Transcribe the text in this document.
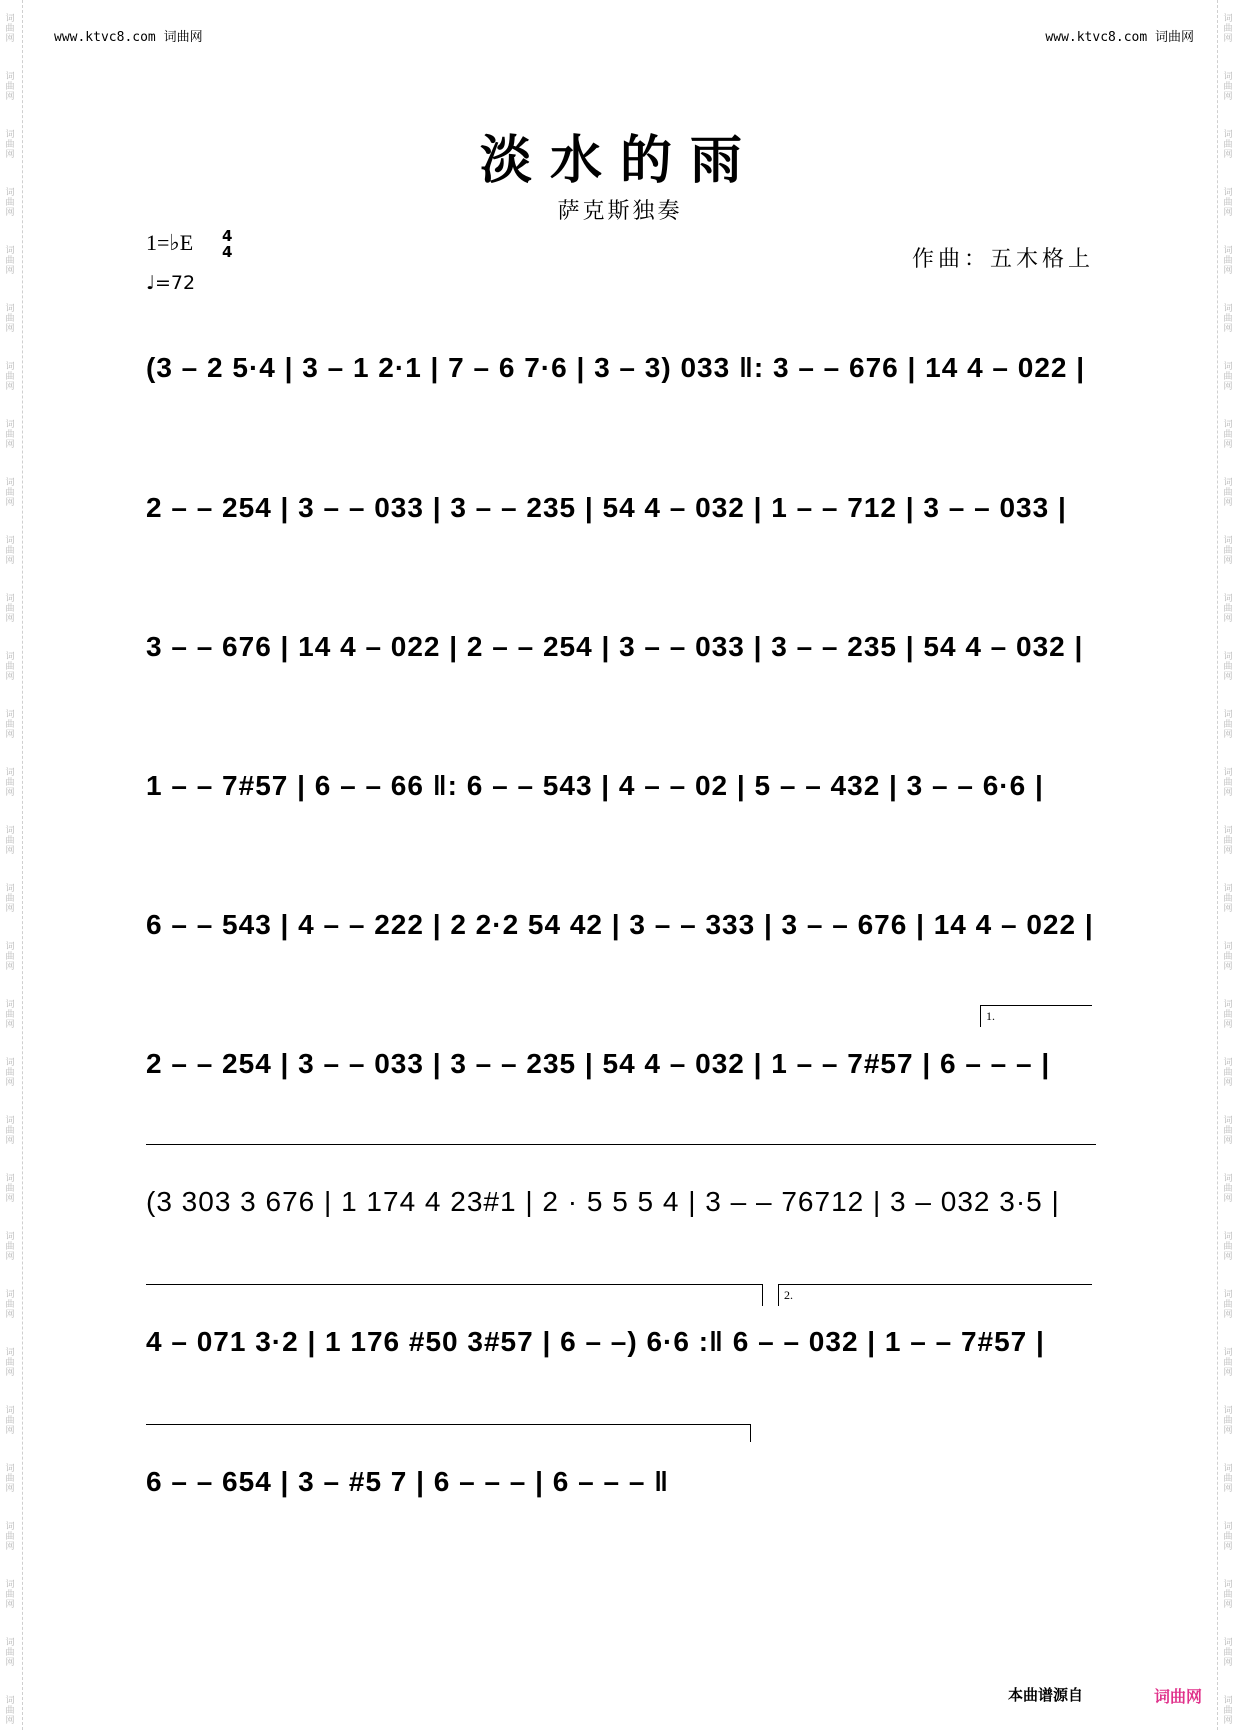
词曲网
词曲网
词曲网
词曲网
词曲网
词曲网
词曲网
词曲网
词曲网
词曲网
词曲网
词曲网
词曲网
词曲网
词曲网
词曲网
词曲网
词曲网
词曲网
词曲网
词曲网
词曲网
词曲网
词曲网
词曲网
词曲网
词曲网
词曲网
词曲网
词曲网
词曲网
词曲网
词曲网
词曲网
词曲网
词曲网
词曲网
词曲网
词曲网
词曲网
词曲网
词曲网
词曲网
词曲网
词曲网
词曲网
词曲网
词曲网
词曲网
词曲网
词曲网
词曲网
词曲网
词曲网
词曲网
词曲网
词曲网
词曲网
词曲网
词曲网
www.ktvc8.com 词曲网	www.ktvc8.com 词曲网
淡水的雨
萨克斯独奏
1=♭E 4
4
♩=72
作曲：五木格上
(3 – 2 5·4 | 3 – 1 2·1 | 7 – 6 7·6 | 3 – 3) 033 ‖: 3 – – 676 | 14 4 – 022 |
2 – – 254 | 3 – – 033 | 3 – – 235 | 54 4 – 032 | 1 – – 712 | 3 – – 033 |
3 – – 676 | 14 4 – 022 | 2 – – 254 | 3 – – 033 | 3 – – 235 | 54 4 – 032 |
1 – – 7#57 | 6 – – 66 ‖: 6 – – 543 | 4 – – 02 | 5 – – 432 | 3 – – 6·6 |
6 – – 543 | 4 – – 222 | 2 2·2 54 42 | 3 – – 333 | 3 – – 676 | 14 4 – 022 |
2 – – 254 | 3 – – 033 | 3 – – 235 | 54 4 – 032 | 1 – – 7#57 | 6 – – – |
1.
(3 303 3 676 | 1 174 4 23#1 | 2 · 5 5 5 4 | 3 – – 76712 | 3 – 032 3·5 |
2.
4 – 071 3·2 | 1 176 #50 3#57 | 6 – –) 6·6 :‖ 6 – – 032 | 1 – – 7#57 |
6 – – 654 | 3 – #5 7 | 6 – – – | 6 – – – ‖
本曲谱源自	词曲网
